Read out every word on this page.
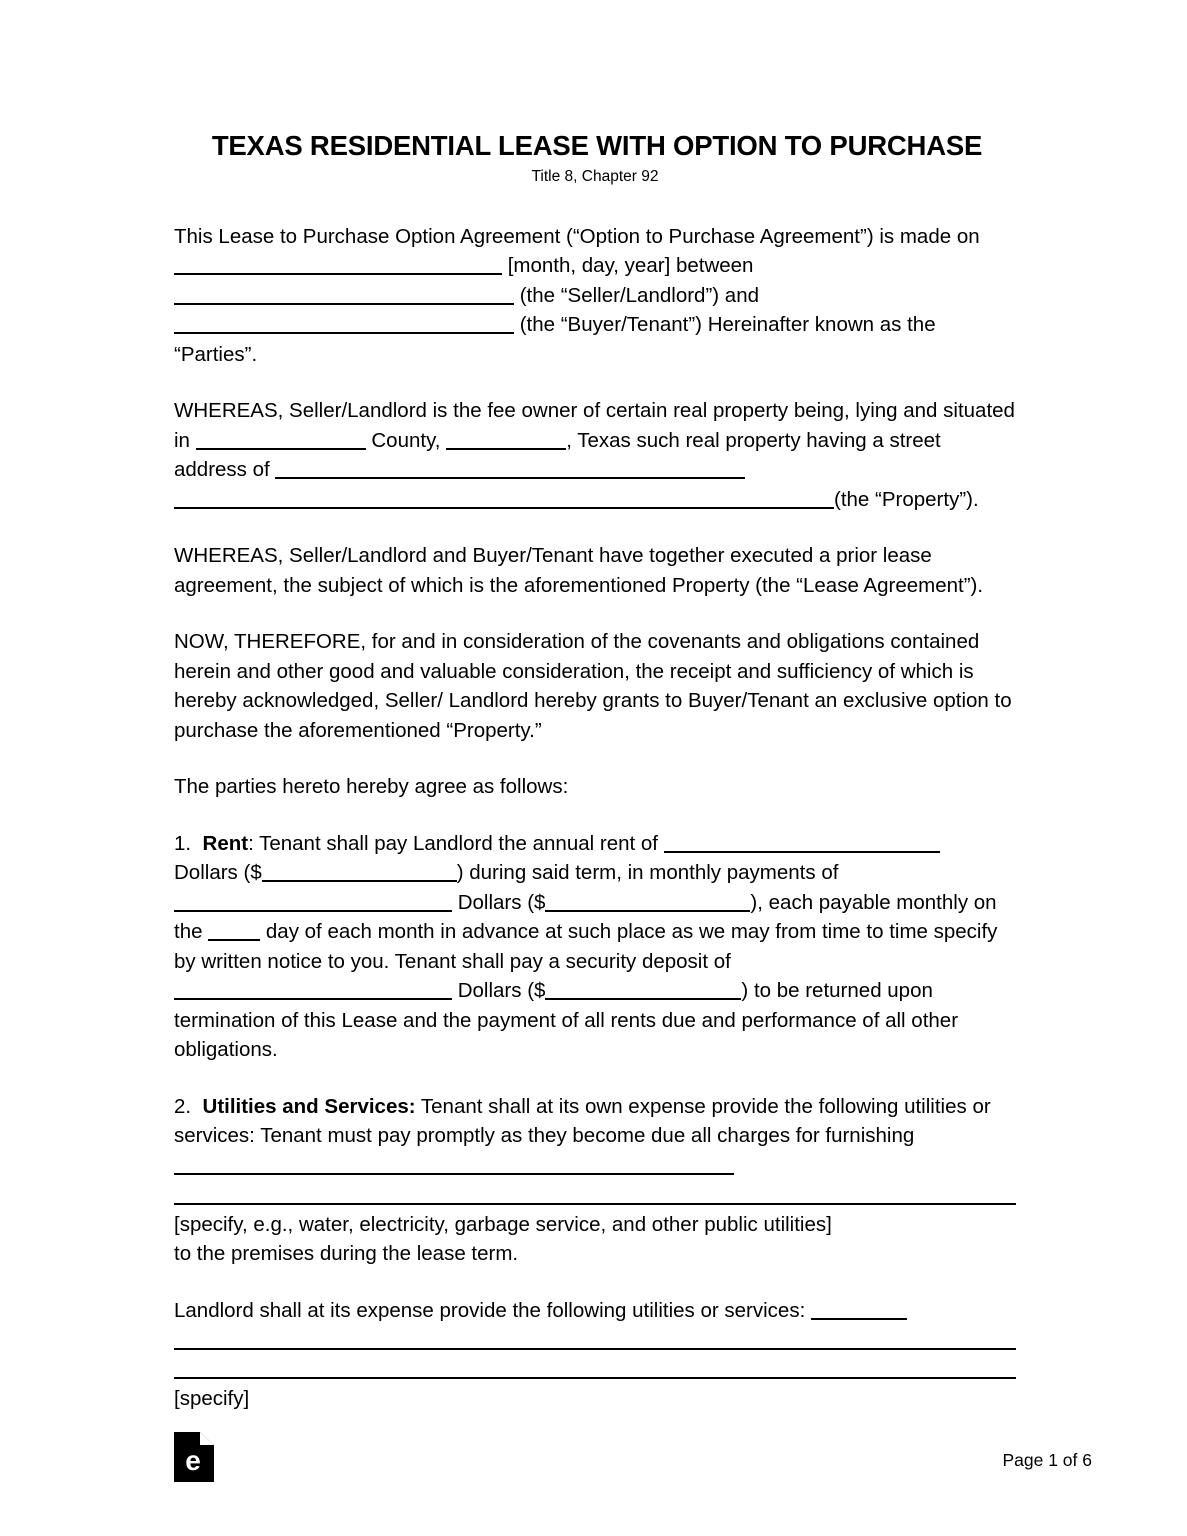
TEXAS RESIDENTIAL LEASE WITH OPTION TO PURCHASE
Title 8, Chapter 92

This Lease to Purchase Option Agreement (“Option to Purchase Agreement”) is made on  [month, day, year] between
(the “Seller/Landlord”) and
(the “Buyer/Tenant”) Hereinafter known as the “Parties”.

WHEREAS, Seller/Landlord is the fee owner of certain real property being, lying and situated in	County,	, Texas such real property having a street address of
(the “Property”).

WHEREAS, Seller/Landlord and Buyer/Tenant have together executed a prior lease agreement, the subject of which is the aforementioned Property (the “Lease Agreement”).

NOW, THEREFORE, for and in consideration of the covenants and obligations contained herein and other good and valuable consideration, the receipt and sufficiency of which is hereby acknowledged, Seller/ Landlord hereby grants to Buyer/Tenant an exclusive option to purchase the aforementioned “Property.”

The parties hereto hereby agree as follows:

1. Rent: Tenant shall pay Landlord the annual rent of
Dollars ($	) during said term, in monthly payments of
Dollars ($	), each payable monthly on the	day of each month in advance at such place as we may from time to time specify by written notice to you. Tenant shall pay a security deposit of
Dollars ($	) to be returned upon termination of this Lease and the payment of all rents due and performance of all other obligations.

2. Utilities and Services: Tenant shall at its own expense provide the following utilities or services: Tenant must pay promptly as they become due all charges for furnishing

[specify, e.g., water, electricity, garbage service, and other public utilities]

to the premises during the lease term.

Landlord shall at its expense provide the following utilities or services:

[specify]

e	Page 1 of 6
